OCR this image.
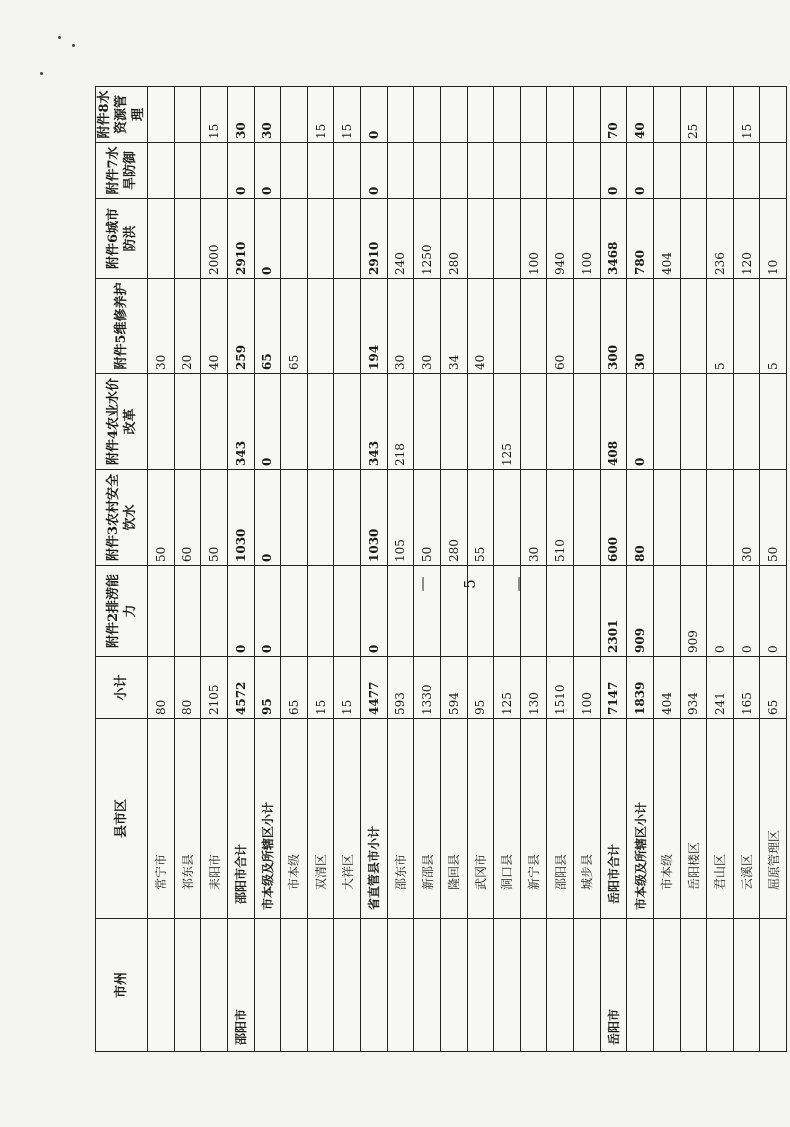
市州	县市区	小计	附件2排涝能力	附件3农村安全饮水	附件4农业水价改革	附件5维修养护	附件6城市防洪	附件7水旱防御	附件8水资源管理
	常宁市	80		50		30			
	祁东县	80		60		20			
	耒阳市	2105		50		40	2000		15
邵阳市	邵阳市合计	4572	0	1030	343	259	2910	0	30
	市本级及所辖区小计	95	0	0	0	65	0	0	30
	市本级	65				65			
	双清区	15							15
	大祥区	15							15
	省直管县市小计	4477	0	1030	343	194	2910	0	0
	邵东市	593		105	218	30	240		
	新邵县	1330		50		30	1250		
	隆回县	594		280		34	280		
	武冈市	95		55		40			
	洞口县	125			125				
	新宁县	130		30			100		
	邵阳县	1510		510		60	940		
	城步县	100					100		
岳阳市	岳阳市合计	7147	2301	600	408	300	3468	0	70
	市本级及所辖区小计	1839	909	80	0	30	780	0	40
	市本级	404					404		
	岳阳楼区	934	909						25
	君山区	241	0			5	236		
	云溪区	165	0	30			120		15
	屈原管理区	65	0	50		5	10		
— 5 —
